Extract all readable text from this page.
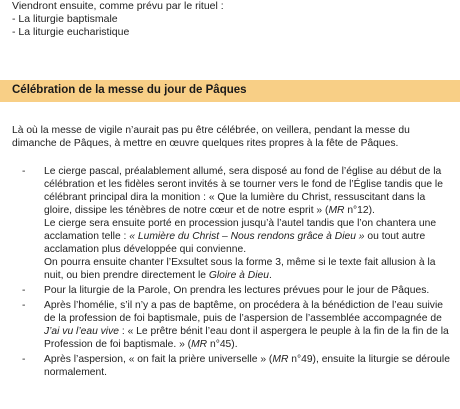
Viendront ensuite, comme prévu par le rituel :
- La liturgie baptismale
- La liturgie eucharistique
Célébration de la messe du jour de Pâques
Là où la messe de vigile n’aurait pas pu être célébrée, on veillera, pendant la messe du dimanche de Pâques, à mettre en œuvre quelques rites propres à la fête de Pâques.
- Le cierge pascal, préalablement allumé, sera disposé au fond de l’église au début de la célébration et les fidèles seront invités à se tourner vers le fond de l’Église tandis que le célébrant principal dira la monition : « Que la lumière du Christ, ressuscitant dans la gloire, dissipe les ténèbres de notre cœur et de notre esprit » (MR n°12).

Le cierge sera ensuite porté en procession jusqu’à l’autel tandis que l’on chantera une acclamation telle : « Lumière du Christ – Nous rendons grâce à Dieu » ou tout autre acclamation plus développée qui convienne.

On pourra ensuite chanter l’Exsultet sous la forme 3, même si le texte fait allusion à la nuit, ou bien prendre directement le Gloire à Dieu.

- Pour la liturgie de la Parole, On prendra les lectures prévues pour le jour de Pâques.
- Après l’homélie, s’il n’y a pas de baptême, on procédera à la bénédiction de l’eau suivie de la profession de foi baptismale, puis de l’aspersion de l’assemblée accompagnée de J’ai vu l’eau vive : « Le prêtre bénit l’eau dont il aspergera le peuple à la fin de la fin de la Profession de foi baptismale. » (MR n°45).
- Après l’aspersion, « on fait la prière universelle » (MR n°49), ensuite la liturgie se déroule normalement.
